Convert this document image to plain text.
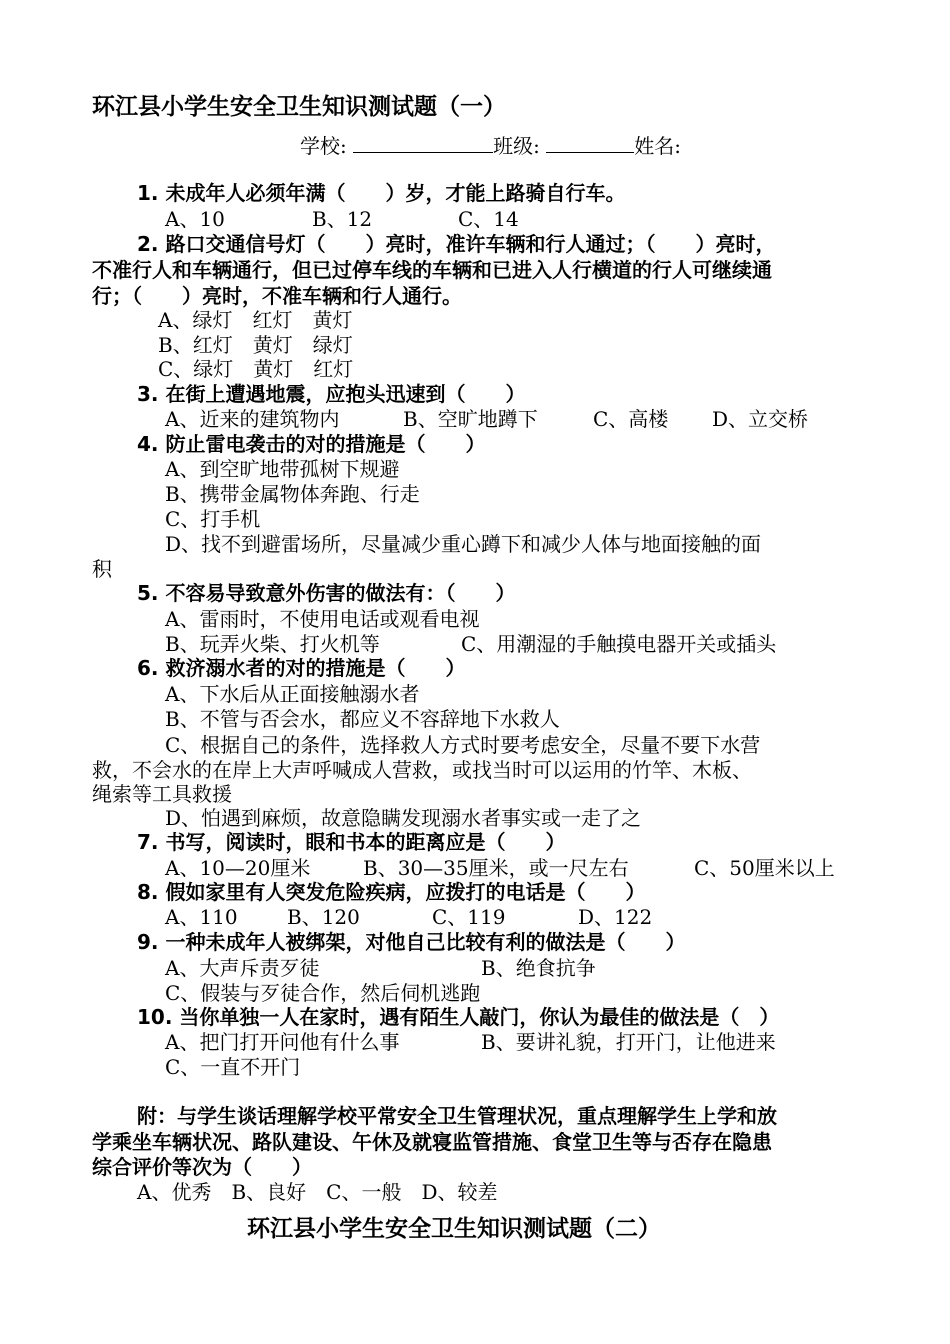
环江县小学生安全卫生知识测试题（一）
学校:	班级:	姓名:
1. 未成年人必须年满（　　）岁，才能上路骑自行车。
A、10	B、12	C、14
2. 路口交通信号灯（　　）亮时，准许车辆和行人通过；（　　）亮时，
不准行人和车辆通行，但已过停车线的车辆和已进入人行横道的行人可继续通
行；（　　）亮时，不准车辆和行人通行。
A、绿灯　红灯　黄灯
B、红灯　黄灯　绿灯
C、绿灯　黄灯　红灯
3. 在街上遭遇地震，应抱头迅速到（　　）
A、近来的建筑物内	B、空旷地蹲下	C、高楼 D、立交桥
4. 防止雷电袭击的对的措施是（　　）
A、到空旷地带孤树下规避
B、携带金属物体奔跑、行走
C、打手机
D、找不到避雷场所，尽量减少重心蹲下和减少人体与地面接触的面
积
5. 不容易导致意外伤害的做法有：（　　）
A、雷雨时，不使用电话或观看电视
B、玩弄火柴、打火机等	C、用潮湿的手触摸电器开关或插头
6. 救济溺水者的对的措施是（　　）
A、下水后从正面接触溺水者
B、不管与否会水，都应义不容辞地下水救人
C、根据自己的条件，选择救人方式时要考虑安全，尽量不要下水营
救，不会水的在岸上大声呼喊成人营救，或找当时可以运用的竹竿、木板、
绳索等工具救援
D、怕遇到麻烦，故意隐瞒发现溺水者事实或一走了之
7. 书写，阅读时，眼和书本的距离应是（　　）
A、10—20厘米	B、30—35厘米，或一尺左右	C、50厘米以上
8. 假如家里有人突发危险疾病，应拨打的电话是（　　）
A、110 B、120	C、119	D、122
9. 一种未成年人被绑架，对他自己比较有利的做法是（　　）
A、大声斥责歹徒	B、绝食抗争
C、假装与歹徒合作，然后伺机逃跑
10. 当你单独一人在家时，遇有陌生人敲门，你认为最佳的做法是（　）
A、把门打开问他有什么事	B、要讲礼貌，打开门，让他进来
C、一直不开门
附：与学生谈话理解学校平常安全卫生管理状况，重点理解学生上学和放
学乘坐车辆状况、路队建设、午休及就寝监管措施、食堂卫生等与否存在隐患
综合评价等次为（　　）
A、优秀　B、良好　C、一般　D、较差
环江县小学生安全卫生知识测试题（二）
